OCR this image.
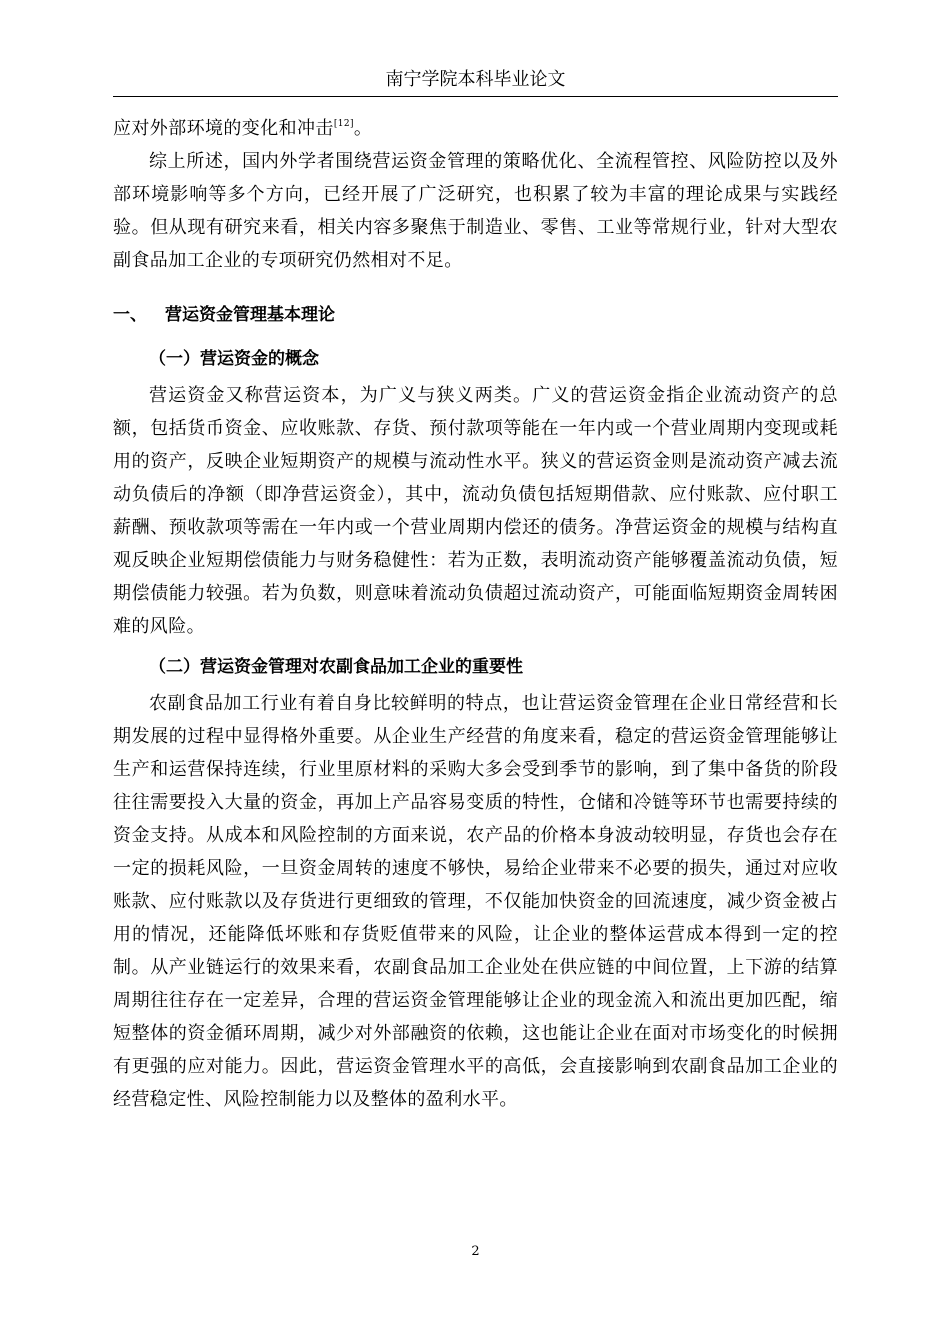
南宁学院本科毕业论文

应对外部环境的变化和冲击[12]。

综上所述，国内外学者围绕营运资金管理的策略优化、全流程管控、风险防控以及外部环境影响等多个方向，已经开展了广泛研究，也积累了较为丰富的理论成果与实践经验。但从现有研究来看，相关内容多聚焦于制造业、零售、工业等常规行业，针对大型农副食品加工企业的专项研究仍然相对不足。

一、	营运资金管理基本理论
（一）营运资金的概念

营运资金又称营运资本，为广义与狭义两类。广义的营运资金指企业流动资产的总额，包括货币资金、应收账款、存货、预付款项等能在一年内或一个营业周期内变现或耗用的资产，反映企业短期资产的规模与流动性水平。狭义的营运资金则是流动资产减去流动负债后的净额（即净营运资金），其中，流动负债包括短期借款、应付账款、应付职工薪酬、预收款项等需在一年内或一个营业周期内偿还的债务。净营运资金的规模与结构直观反映企业短期偿债能力与财务稳健性：若为正数，表明流动资产能够覆盖流动负债，短期偿债能力较强。若为负数，则意味着流动负债超过流动资产，可能面临短期资金周转困难的风险。

（二）营运资金管理对农副食品加工企业的重要性

农副食品加工行业有着自身比较鲜明的特点，也让营运资金管理在企业日常经营和长期发展的过程中显得格外重要。从企业生产经营的角度来看，稳定的营运资金管理能够让生产和运营保持连续，行业里原材料的采购大多会受到季节的影响，到了集中备货的阶段往往需要投入大量的资金，再加上产品容易变质的特性，仓储和冷链等环节也需要持续的资金支持。从成本和风险控制的方面来说，农产品的价格本身波动较明显，存货也会存在一定的损耗风险，一旦资金周转的速度不够快，易给企业带来不必要的损失，通过对应收账款、应付账款以及存货进行更细致的管理，不仅能加快资金的回流速度，减少资金被占用的情况，还能降低坏账和存货贬值带来的风险，让企业的整体运营成本得到一定的控制。从产业链运行的效果来看，农副食品加工企业处在供应链的中间位置，上下游的结算周期往往存在一定差异，合理的营运资金管理能够让企业的现金流入和流出更加匹配，缩短整体的资金循环周期，减少对外部融资的依赖，这也能让企业在面对市场变化的时候拥有更强的应对能力。因此，营运资金管理水平的高低，会直接影响到农副食品加工企业的经营稳定性、风险控制能力以及整体的盈利水平。

2
